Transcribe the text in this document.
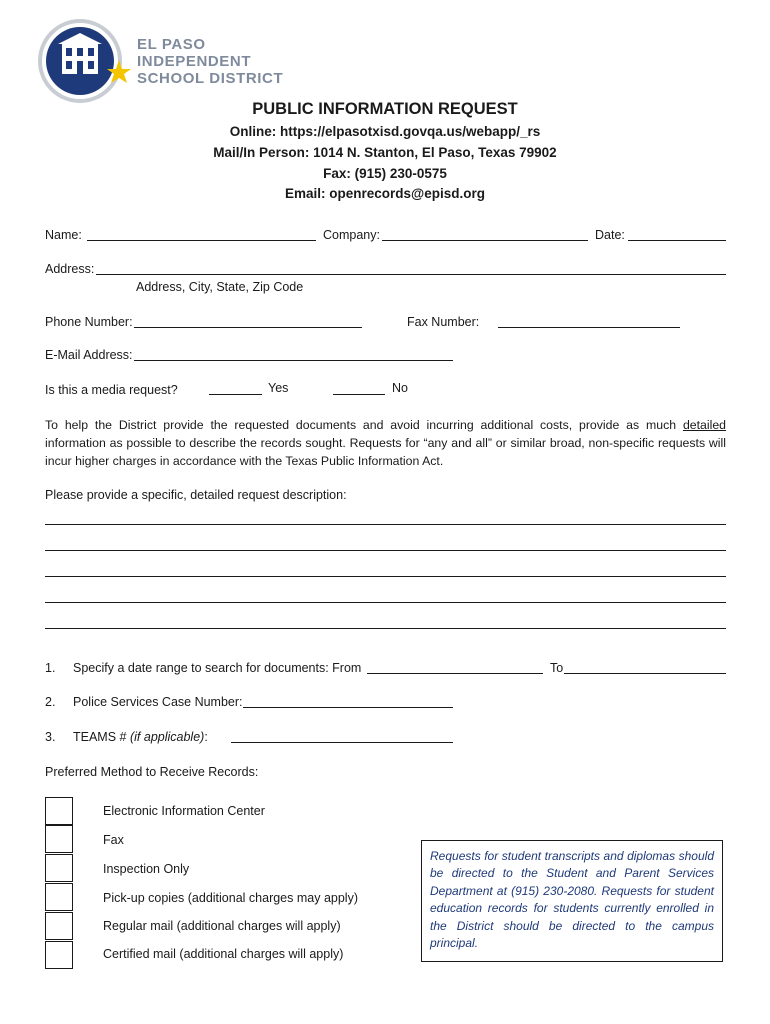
EL PASO
INDEPENDENT
SCHOOL DISTRICT
PUBLIC INFORMATION REQUEST
Online: https://elpasotxisd.govqa.us/webapp/_rs
Mail/In Person: 1014 N. Stanton, El Paso, Texas 79902
Fax: (915) 230-0575
Email: openrecords@episd.org
Name:	Company:	Date:
Address:
Address, City, State, Zip Code
Phone Number:	Fax Number:
E-Mail Address:
Is this a media request?	Yes	No
To help the District provide the requested documents and avoid incurring additional costs, provide as much detailed information as possible to describe the records sought. Requests for “any and all” or similar broad, non-specific requests will incur higher charges in accordance with the Texas Public Information Act.
Please provide a specific, detailed request description:
1. Specify a date range to search for documents: From	To
2. Police Services Case Number:
3. TEAMS # (if applicable):
Preferred Method to Receive Records:
Electronic Information Center
Fax
Inspection Only
Pick-up copies (additional charges may apply)
Regular mail (additional charges will apply)
Certified mail (additional charges will apply)
Requests for student transcripts and diplomas should be directed to the Student and Parent Services Department at (915) 230-2080. Requests for student education records for students currently enrolled in the District should be directed to the campus principal.
